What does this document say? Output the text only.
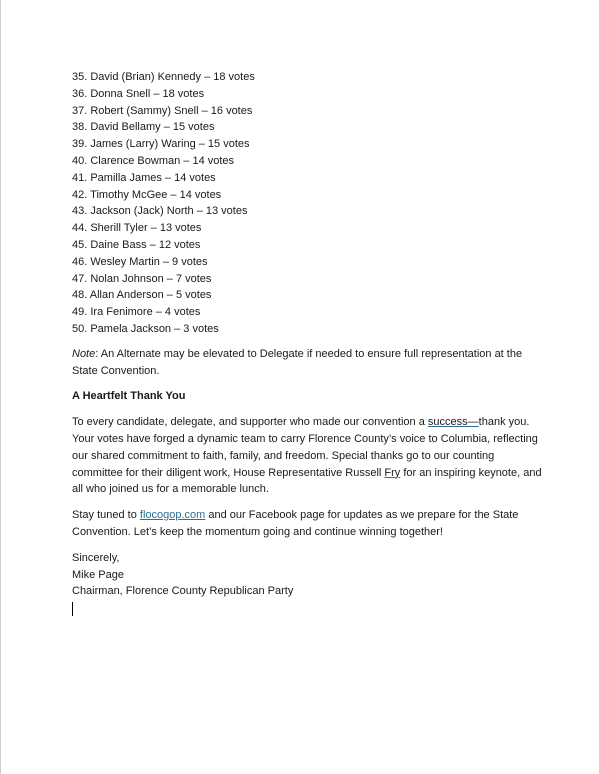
35. David (Brian) Kennedy – 18 votes
36. Donna Snell – 18 votes
37. Robert (Sammy) Snell – 16 votes
38. David Bellamy – 15 votes
39. James (Larry) Waring – 15 votes
40. Clarence Bowman – 14 votes
41. Pamilla James – 14 votes
42. Timothy McGee – 14 votes
43. Jackson (Jack) North – 13 votes
44. Sherill Tyler – 13 votes
45. Daine Bass – 12 votes
46. Wesley Martin – 9 votes
47. Nolan Johnson – 7 votes
48. Allan Anderson – 5 votes
49. Ira Fenimore – 4 votes
50. Pamela Jackson – 3 votes

Note: An Alternate may be elevated to Delegate if needed to ensure full representation at the State Convention.

A Heartfelt Thank You

To every candidate, delegate, and supporter who made our convention a success—thank you. Your votes have forged a dynamic team to carry Florence County’s voice to Columbia, reflecting our shared commitment to faith, family, and freedom. Special thanks go to our counting committee for their diligent work, House Representative Russell Fry for an inspiring keynote, and all who joined us for a memorable lunch.

Stay tuned to flocogop.com and our Facebook page for updates as we prepare for the State Convention. Let’s keep the momentum going and continue winning together!

Sincerely,
Mike Page
Chairman, Florence County Republican Party
